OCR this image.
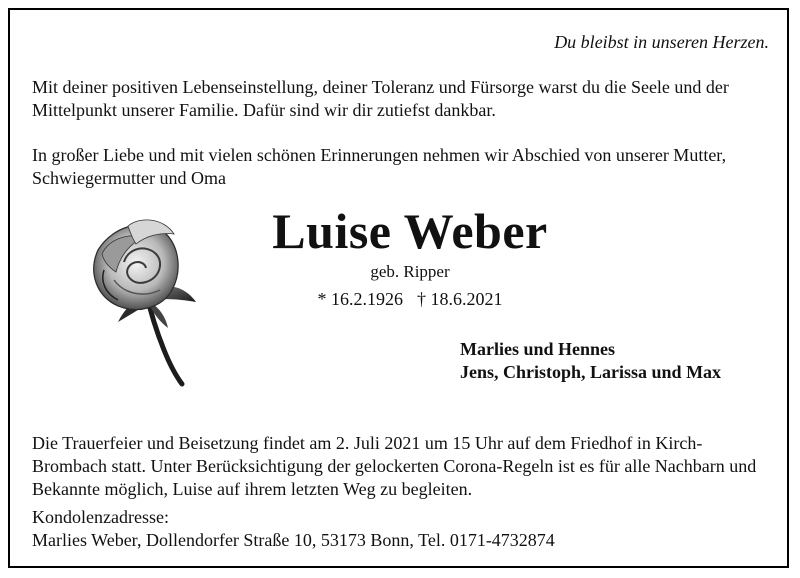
Du bleibst in unseren Herzen.

Mit deiner positiven Lebenseinstellung, deiner Toleranz und Fürsorge warst du die Seele und der Mittelpunkt unserer Familie. Dafür sind wir dir zutiefst dankbar.

In großer Liebe und mit vielen schönen Erinnerungen nehmen wir Abschied von unserer Mutter, Schwiegermutter und Oma

Luise Weber
geb. Ripper
* 16.2.1926 † 18.6.2021
Marlies und Hennes
Jens, Christoph, Larissa und Max

Die Trauerfeier und Beisetzung findet am 2. Juli 2021 um 15 Uhr auf dem Friedhof in Kirch-Brombach statt. Unter Berücksichtigung der gelockerten Corona-Regeln ist es für alle Nachbarn und Bekannte möglich, Luise auf ihrem letzten Weg zu begleiten.

Kondolenzadresse:
Marlies Weber, Dollendorfer Straße 10, 53173 Bonn, Tel. 0171-4732874
